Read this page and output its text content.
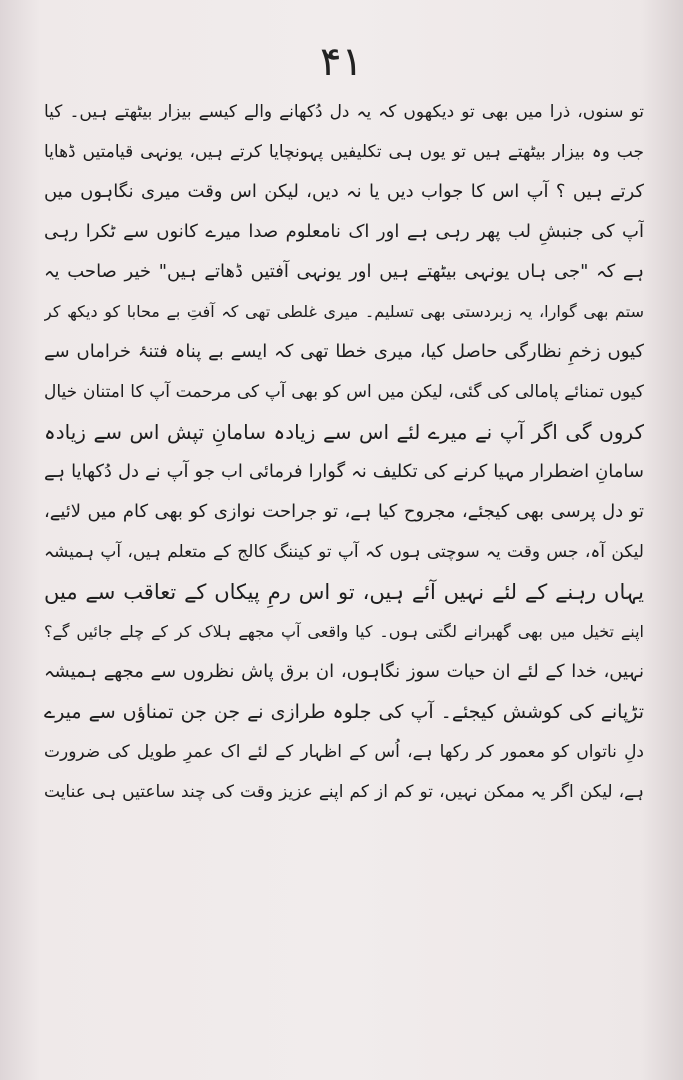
۴۱
تو سنوں، ذرا میں بھی تو دیکھوں کہ یہ دل دُکھانے والے کیسے بیزار بیٹھتے ہیں۔ کیا
جب وہ بیزار بیٹھتے ہیں تو یوں ہی تکلیفیں پہونچایا کرتے ہیں، یونہی قیامتیں ڈھایا
کرتے ہیں ؟ آپ اس کا جواب دیں یا نہ دیں، لیکن اس وقت میری نگاہوں میں
آپ کی جنبشِ لب پھر رہی ہے اور اک نامعلوم صدا میرے کانوں سے ٹکرا رہی
ہے کہ "جی ہاں یونہی بیٹھتے ہیں اور یونہی آفتیں ڈھاتے ہیں" خیر صاحب یہ
ستم بھی گوارا، یہ زبردستی بھی تسلیم۔ میری غلطی تھی کہ آفتِ بے محابا کو دیکھ کر
کیوں زخمِ نظارگی حاصل کیا، میری خطا تھی کہ ایسے بے پناہ فتنۂ خراماں سے
کیوں تمنائے پامالی کی گئی، لیکن میں اس کو بھی آپ کی مرحمت آپ کا امتنان خیال
کروں گی اگر آپ نے میرے لئے اس سے زیادہ سامانِ تپش اس سے زیادہ
سامانِ اضطرار مہیا کرنے کی تکلیف نہ گوارا فرمائی اب جو آپ نے دل دُکھایا ہے
تو دل پرسی بھی کیجئے، مجروح کیا ہے، تو جراحت نوازی کو بھی کام میں لائیے،
لیکن آہ، جس وقت یہ سوچتی ہوں کہ آپ تو کیننگ کالج کے متعلم ہیں، آپ ہمیشہ
یہاں رہنے کے لئے نہیں آئے ہیں، تو اس رمِ پیکاں کے تعاقب سے میں
اپنے تخیل میں بھی گھبرانے لگتی ہوں۔ کیا واقعی آپ مجھے ہلاک کر کے چلے جائیں گے؟
نہیں، خدا کے لئے ان حیات سوز نگاہوں، ان برق پاش نظروں سے مجھے ہمیشہ
تڑپانے کی کوشش کیجئے۔ آپ کی جلوہ طرازی نے جن جن تمناؤں سے میرے
دلِ ناتواں کو معمور کر رکھا ہے، اُس کے اظہار کے لئے اک عمرِ طویل کی ضرورت
ہے، لیکن اگر یہ ممکن نہیں، تو کم از کم اپنے عزیز وقت کی چند ساعتیں ہی عنایت
